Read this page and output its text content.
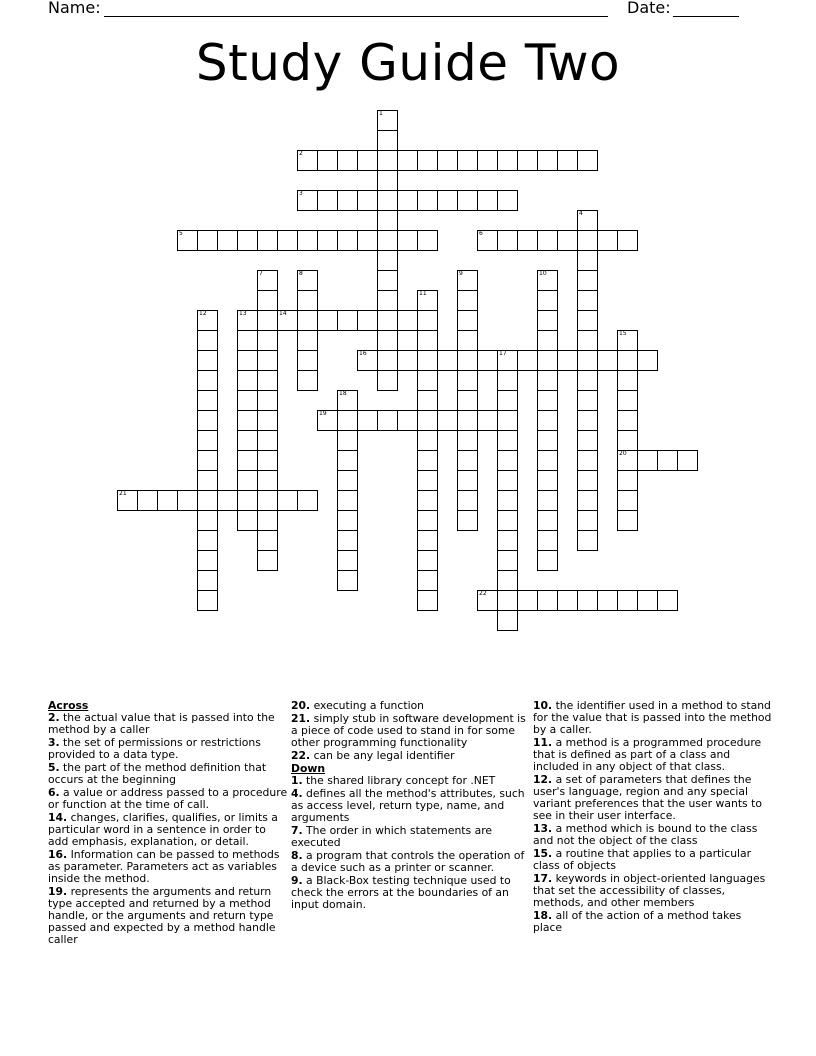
Name:	Date:
Study Guide Two
1
2
3
4
5	6
7	8	9	10
11
12	13	14
15
20
16	17
18
19
21
22
Across
2. the actual value that is passed into the method by a caller
3. the set of permissions or restrictions provided to a data type.
5. the part of the method definition that occurs at the beginning
6. a value or address passed to a procedure or function at the time of call.
14. changes, clarifies, qualifies, or limits a particular word in a sentence in order to add emphasis, explanation, or detail.
16. Information can be passed to methods as parameter. Parameters act as variables inside the method.
19. represents the arguments and return type accepted and returned by a method handle, or the arguments and return type passed and expected by a method handle caller
20. executing a function
21. simply stub in software development is a piece of code used to stand in for some other programming functionality
22. can be any legal identifier
Down
1. the shared library concept for .NET
4. defines all the method's attributes, such as access level, return type, name, and arguments
7. The order in which statements are executed
8. a program that controls the operation of a device such as a printer or scanner.
9. a Black-Box testing technique used to check the errors at the boundaries of an input domain.
10. the identifier used in a method to stand for the value that is passed into the method by a caller.
11. a method is a programmed procedure that is defined as part of a class and included in any object of that class.
12. a set of parameters that defines the user's language, region and any special variant preferences that the user wants to see in their user interface.
13. a method which is bound to the class and not the object of the class
15. a routine that applies to a particular class of objects
17. keywords in object-oriented languages that set the accessibility of classes, methods, and other members
18. all of the action of a method takes place
